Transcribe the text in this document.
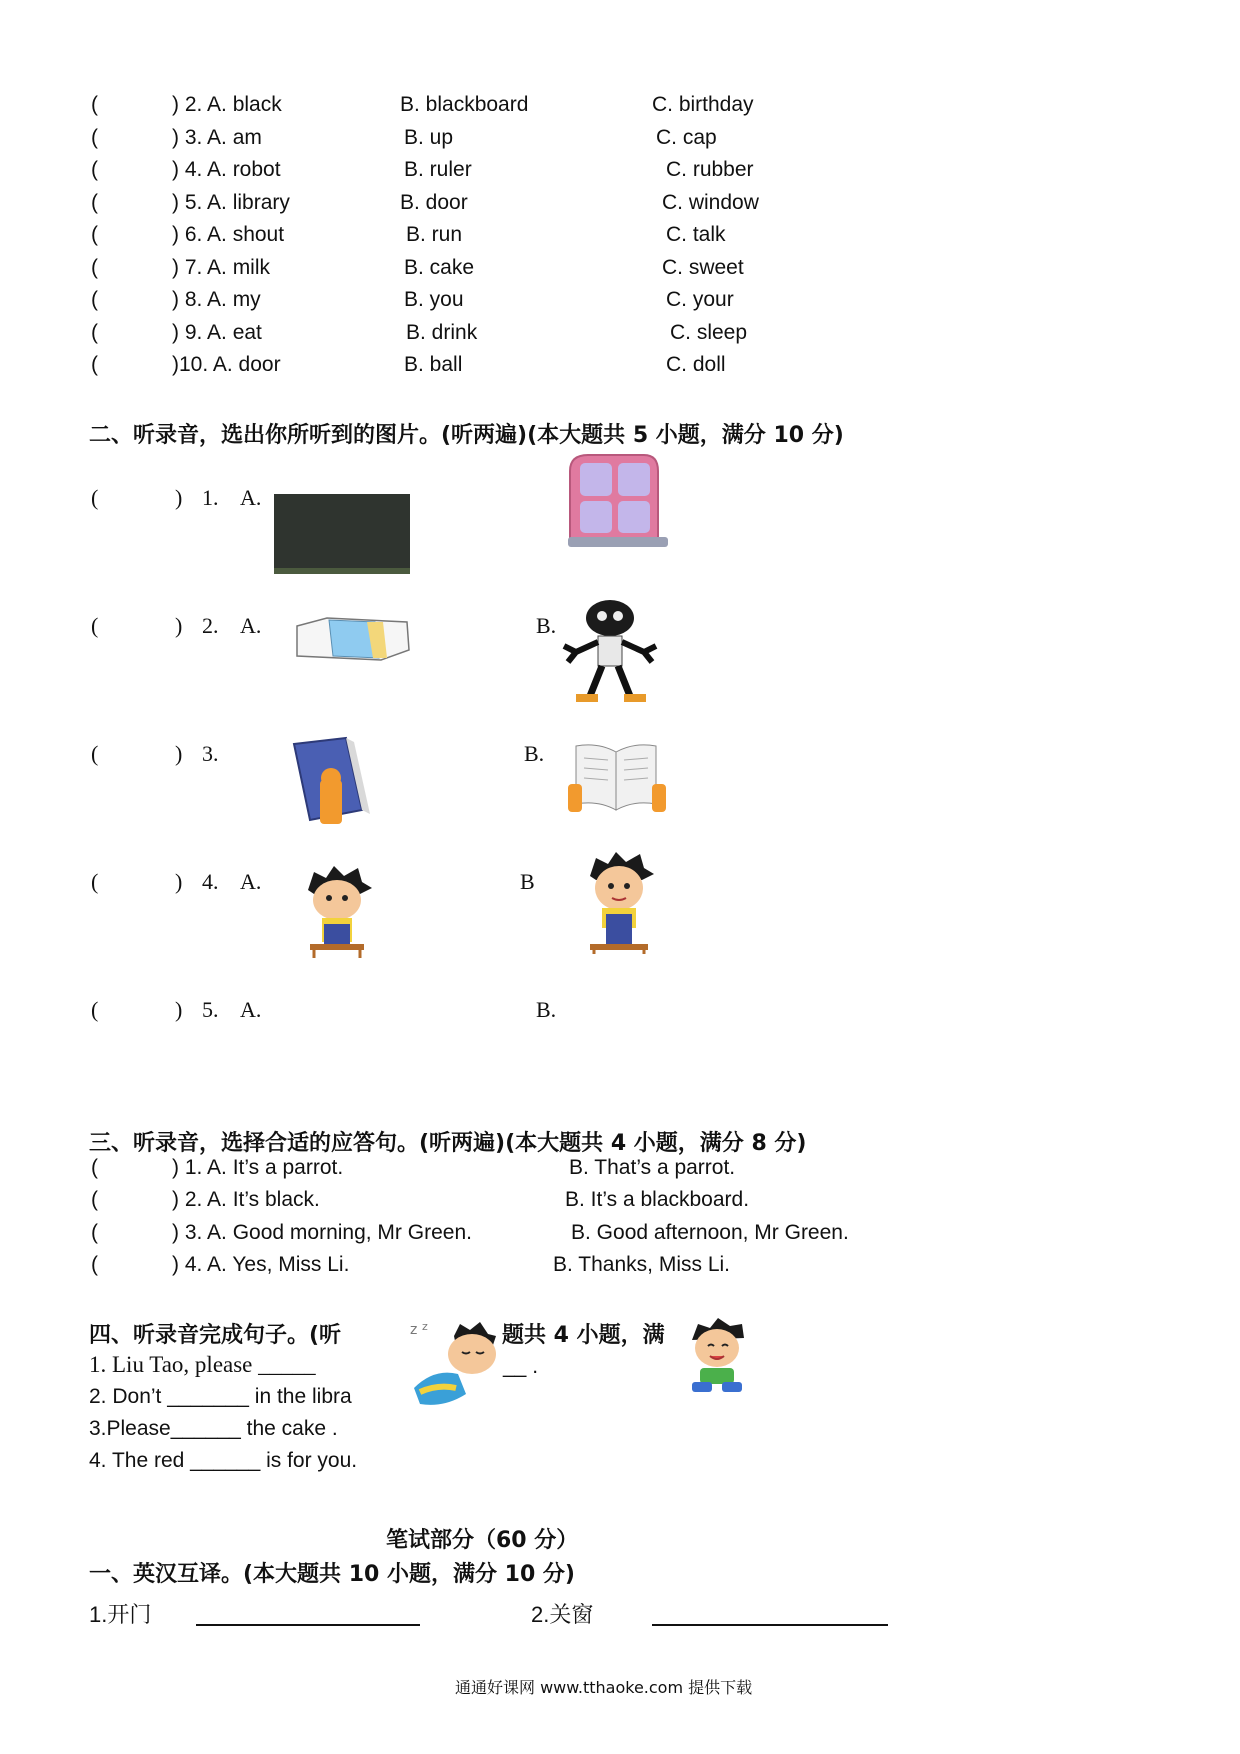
(	) 2. A. black	B. blackboard	C. birthday
(	) 3. A. am	B. up	C. cap
(	) 4. A. robot	B. ruler	C. rubber
(	) 5. A. library	B. door	C. window
(	) 6. A. shout	B. run	C. talk
(	) 7. A. milk	B. cake	C. sweet
(	) 8. A. my	B. you	C. your
(	) 9. A. eat	B. drink	C. sleep
(	)10. A. door	B. ball	C. doll
二、听录音，选出你所听到的图片。(听两遍)(本大题共 5 小题，满分 10 分)
(	) 1. A.
(	) 2. A.	B.
(	) 3.	B.
(	) 4. A.	B
(	) 5. A.	B.
三、听录音，选择合适的应答句。(听两遍)(本大题共 4 小题，满分 8 分)
(	) 1. A. It’s a parrot.	B. That’s a parrot.
(	) 2. A. It’s black.	B. It’s a blackboard.
(	) 3. A. Good morning, Mr Green.	B. Good afternoon, Mr Green.
(	) 4. A. Yes, Miss Li.	B. Thanks, Miss Li.
四、听录音完成句子。(听	题共 4 小题，满
1. Liu Tao, please _____	__ .
2. Don’t _______ in the libra
3.Please______ the cake .
4. The red ______ is for you.
z z
笔试部分（60 分）
一、英汉互译。(本大题共 10 小题，满分 10 分)
1.开门	2.关窗
通通好课网 www.tthaoke.com 提供下载
